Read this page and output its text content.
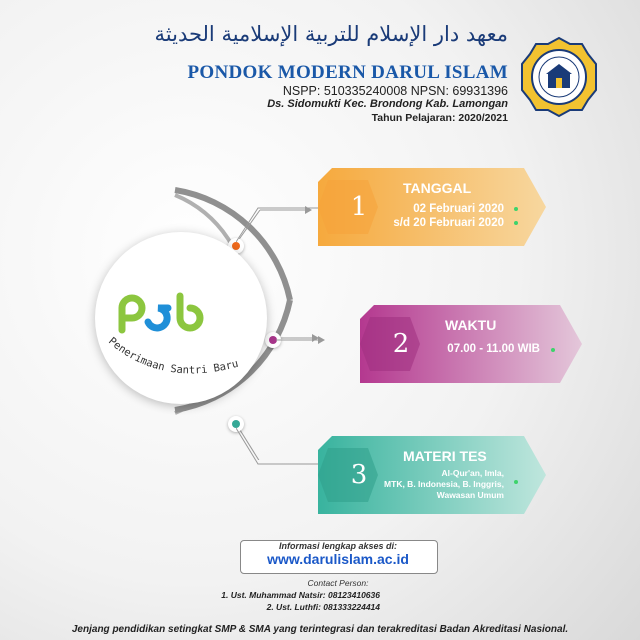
معهد دار الإسلام للتربية الإسلامية الحديثة
PONDOK MODERN DARUL ISLAM
NSPP: 510335240008 NPSN: 69931396
Ds. Sidomukti Kec. Brondong Kab. Lamongan
Tahun Pelajaran: 2020/2021
Penerimaan Santri Baru
1
TANGGAL
02 Februari 2020
s/d 20 Februari 2020
2
WAKTU
07.00 - 11.00 WIB
3
MATERI TES
Al-Qur'an, Imla,
MTK, B. Indonesia, B. Inggris,
Wawasan Umum
Informasi lengkap akses di:
www.darulislam.ac.id
Contact Person:
1. Ust. Muhammad Natsir: 08123410636
2. Ust. Luthfi: 081333224414
Jenjang pendidikan setingkat SMP & SMA yang terintegrasi dan terakreditasi Badan Akreditasi Nasional.
